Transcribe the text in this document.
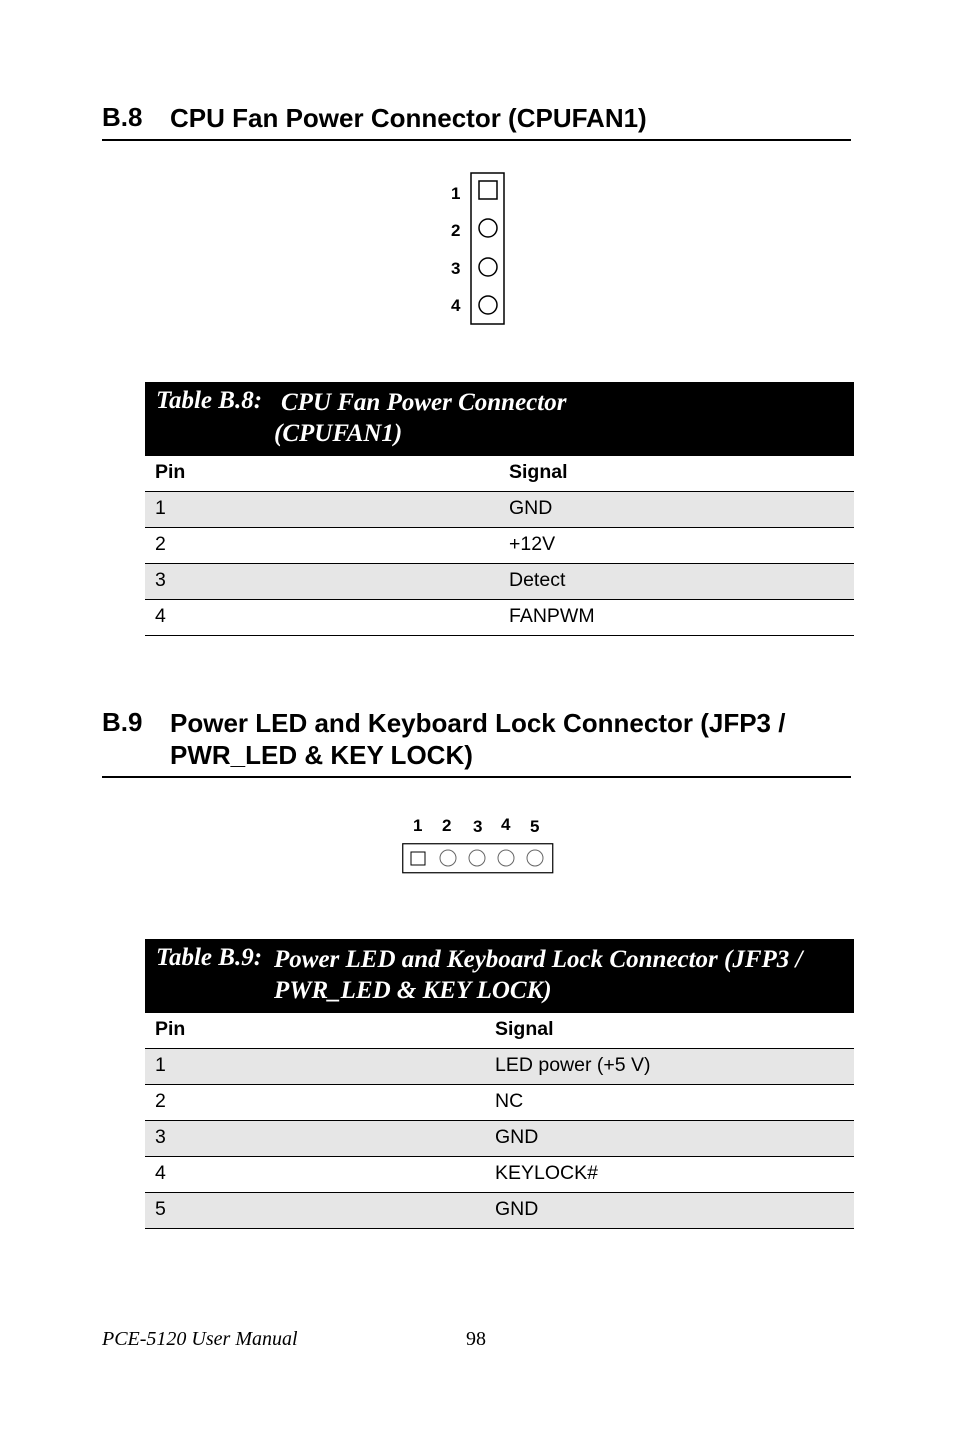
B.8 CPU Fan Power Connector (CPUFAN1)
1
2
3
4
Table B.8: CPU Fan Power Connector
(CPUFAN1)
Pin	Signal
1	GND
2	+12V
3	Detect
4	FANPWM
B.9 Power LED and Keyboard Lock Connector (JFP3 /
PWR_LED & KEY LOCK)
1 2 3 4 5
Table B.9: Power LED and Keyboard Lock Connector (JFP3 /
PWR_LED & KEY LOCK)
Pin	Signal
1	LED power (+5 V)
2	NC
3	GND
4	KEYLOCK#
5	GND
PCE-5120 User Manual	98
